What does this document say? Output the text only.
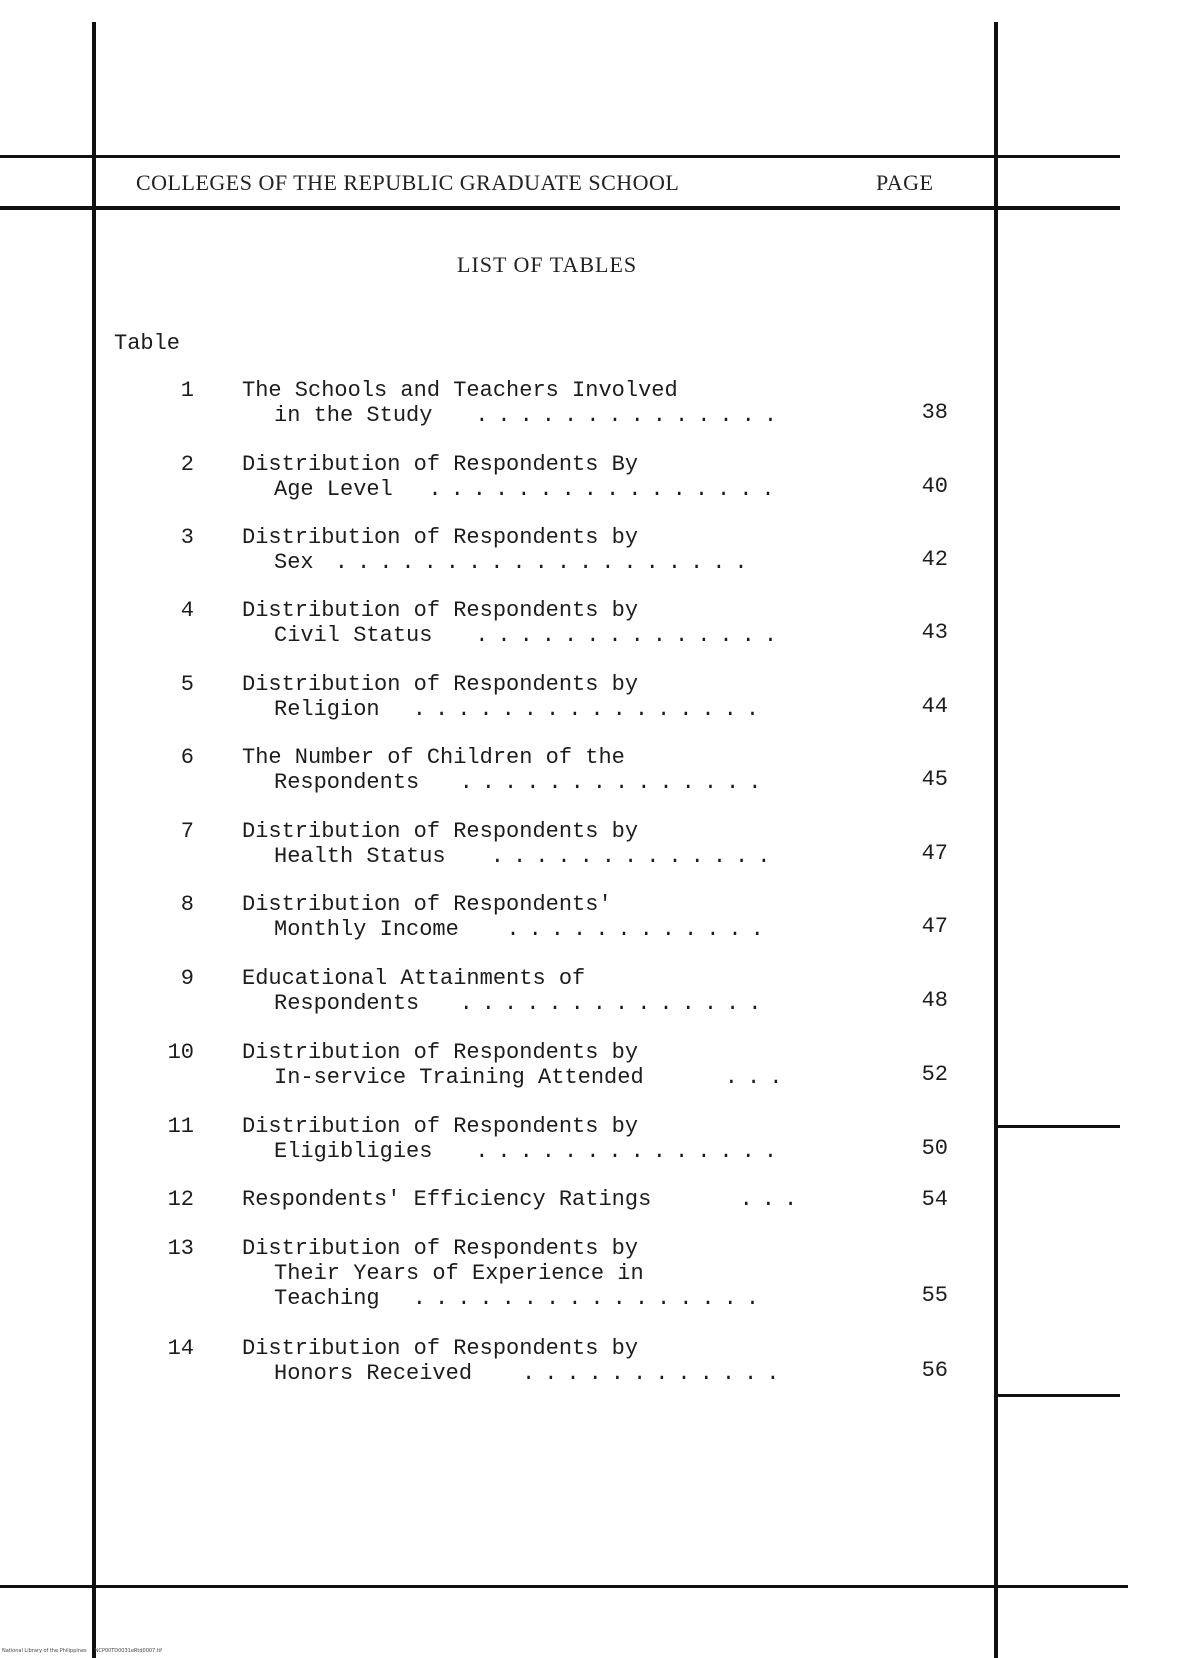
COLLEGES OF THE REPUBLIC GRADUATE SCHOOL	PAGE
LIST OF TABLES
Table
1 The Schools and Teachers Involved
in the Study ..............	38
2 Distribution of Respondents By
Age Level ................	40
3 Distribution of Respondents by
Sex ...................	42
4 Distribution of Respondents by
Civil Status ..............	43
5 Distribution of Respondents by
Religion ................	44
6 The Number of Children of the
Respondents ..............	45
7 Distribution of Respondents by
Health Status .............	47
8 Distribution of Respondents'
Monthly Income ............	47
9 Educational Attainments of
Respondents ..............	48
10 Distribution of Respondents by
In-service Training Attended	...	52
11 Distribution of Respondents by
Eligibligies ..............	50
12 Respondents' Efficiency Ratings	...	54
13 Distribution of Respondents by
Their Years of Experience in
Teaching ................	55
14 Distribution of Respondents by
Honors Received ............	56
National Library of the Philippines     NCP00TD0031eRtd0007.tif
